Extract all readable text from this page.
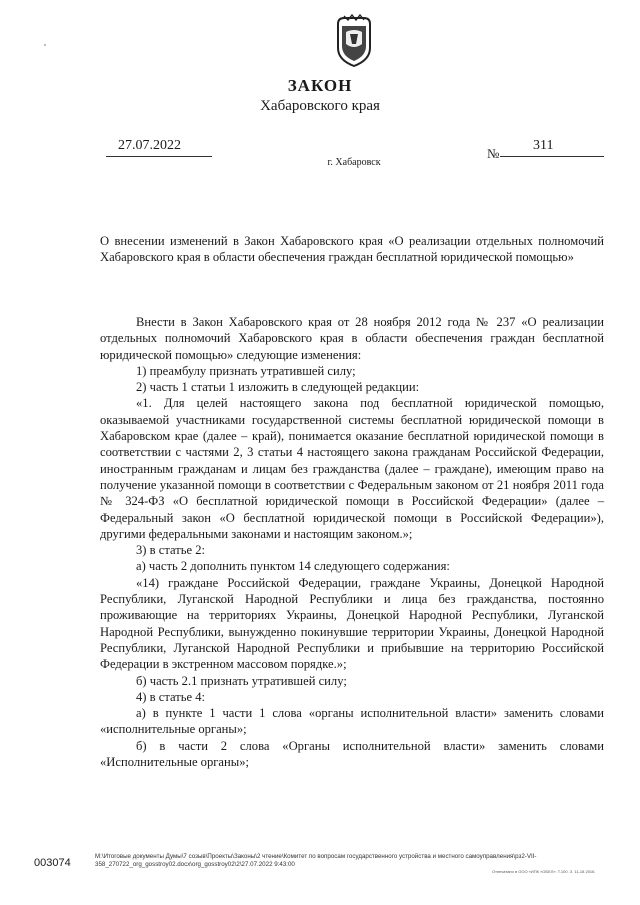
ЗАКОН
Хабаровского края
27.07.2022
№
311
г. Хабаровск
О внесении изменений в Закон Хабаровского края «О реализации отдельных полномочий Хабаровского края в области обеспечения граждан бесплатной юридической помощью»

Внести в Закон Хабаровского края от 28 ноября 2012 года № 237 «О реализации отдельных полномочий Хабаровского края в области обеспечения граждан бесплатной юридической помощью» следующие изменения:

1) преамбулу признать утратившей силу;

2) часть 1 статьи 1 изложить в следующей редакции:

«1. Для целей настоящего закона под бесплатной юридической помощью, оказываемой участниками государственной системы бесплатной юридической помощи в Хабаровском крае (далее – край), понимается оказание бесплатной юридической помощи в соответствии с частями 2, 3 статьи 4 настоящего закона гражданам Российской Федерации, иностранным гражданам и лицам без гражданства (далее – граждане), имеющим право на получение указанной помощи в соответствии с Федеральным законом от 21 ноября 2011 года № 324-ФЗ «О бесплатной юридической помощи в Российской Федерации» (далее – Федеральный закон «О бесплатной юридической помощи в Российской Федерации»), другими федеральными законами и настоящим законом.»;

3) в статье 2:

а) часть 2 дополнить пунктом 14 следующего содержания:

«14) граждане Российской Федерации, граждане Украины, Донецкой Народной Республики, Луганской Народной Республики и лица без гражданства, постоянно проживающие на территориях Украины, Донецкой Народной Республики, Луганской Народной Республики, вынужденно покинувшие территории Украины, Донецкой Народной Республики, Луганской Народной Республики и прибывшие на территорию Российской Федерации в экстренном массовом порядке.»;

б) часть 2.1 признать утратившей силу;

4) в статье 4:

а) в пункте 1 части 1 слова «органы исполнительной власти» заменить словами «исполнительные органы»;

б) в части 2 слова «Органы исполнительной власти» заменить словами «Исполнительные органы»;

003074
М:\Итоговые документы Думы\7 созыв\Проекты\Законы\2 чтение\Комитет по вопросам государственного устройства и местного самоуправления\рз2-VII-358_270722_org_gosstroy02.docx\org_gosstroy02\2\27.07.2022 9:43:00
Отпечатано в ООО «ИПК «ОБЕЛ». Т.100. З. 11-18 2016.
